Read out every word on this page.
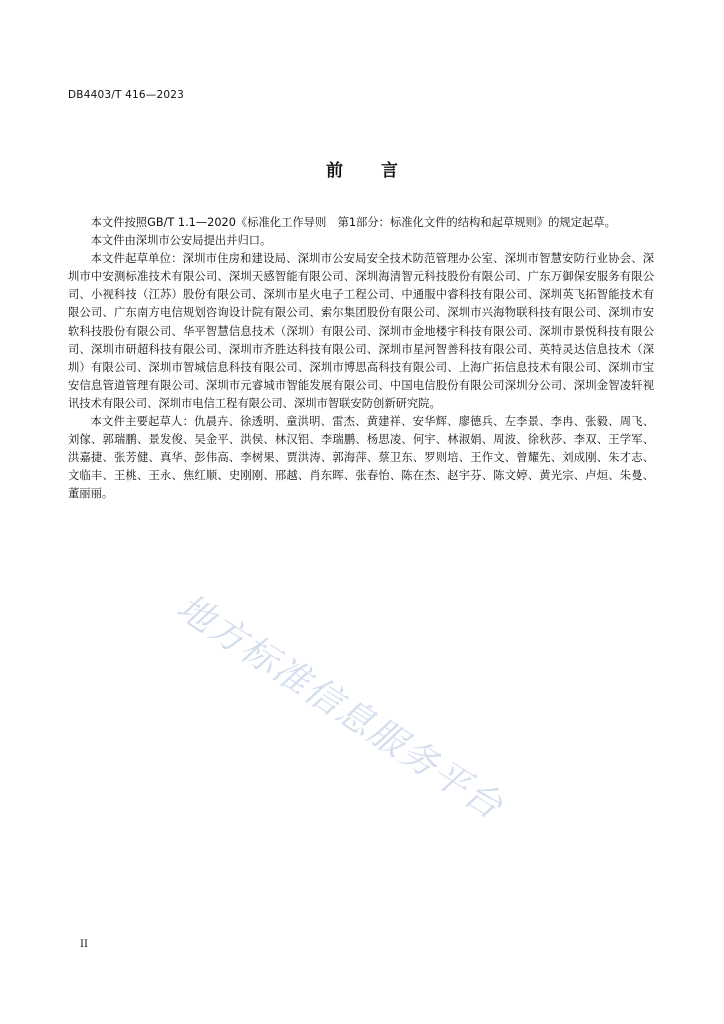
DB4403/T 416—2023
前言

本文件按照GB/T 1.1—2020《标准化工作导则　第1部分：标准化文件的结构和起草规则》的规定起草。

本文件由深圳市公安局提出并归口。

本文件起草单位：深圳市住房和建设局、深圳市公安局安全技术防范管理办公室、深圳市智慧安防行业协会、深圳市中安测标准技术有限公司、深圳天感智能有限公司、深圳海清智元科技股份有限公司、广东万御保安服务有限公司、小视科技（江苏）股份有限公司、深圳市星火电子工程公司、中通服中睿科技有限公司、深圳英飞拓智能技术有限公司、广东南方电信规划咨询设计院有限公司、索尔集团股份有限公司、深圳市兴海物联科技有限公司、深圳市安软科技股份有限公司、华平智慧信息技术（深圳）有限公司、深圳市金地楼宇科技有限公司、深圳市景悦科技有限公司、深圳市研超科技有限公司、深圳市齐胜达科技有限公司、深圳市星河智善科技有限公司、英特灵达信息技术（深圳）有限公司、深圳市智城信息科技有限公司、深圳市博思高科技有限公司、上海广拓信息技术有限公司、深圳市宝安信息管道管理有限公司、深圳市元睿城市智能发展有限公司、中国电信股份有限公司深圳分公司、深圳金智凌轩视讯技术有限公司、深圳市电信工程有限公司、深圳市智联安防创新研究院。

本文件主要起草人：仇晨卉、徐透明、童洪明、雷杰、黄建祥、安华辉、廖德兵、左李景、李冉、张毅、周飞、刘傢、郭瑞鹏、景发俊、吴金平、洪侯、林汉铝、李瑞鹏、杨思凌、何宇、林淑娟、周波、徐秋莎、李双、王学军、洪嘉捷、张芳健、真华、彭伟高、李树果、贾洪涛、郭海萍、蔡卫东、罗则培、王作文、曾耀先、刘成刚、朱才志、文临丰、王桃、王永、焦红顺、史刚刚、邢越、肖东晖、张春怡、陈在杰、赵宇芬、陈文婷、黄光宗、卢烜、朱曼、董丽丽。

地方标准信息服务平台
II
